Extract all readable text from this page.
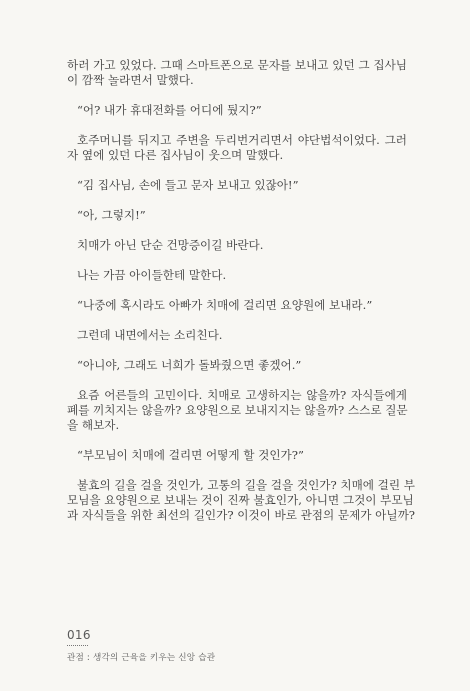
하러 가고 있었다. 그때 스마트폰으로 문자를 보내고 있던 그 집사님
이 깜짝 놀라면서 말했다.
“어? 내가 휴대전화를 어디에 뒀지?”
호주머니를 뒤지고 주변을 두리번거리면서 야단법석이었다. 그러
자 옆에 있던 다른 집사님이 웃으며 말했다.
“김 집사님, 손에 들고 문자 보내고 있잖아!”
“아, 그렇지!”
치매가 아닌 단순 건망증이길 바란다.
나는 가끔 아이들한테 말한다.
“나중에 혹시라도 아빠가 치매에 걸리면 요양원에 보내라.”
그런데 내면에서는 소리친다.
“아니야, 그래도 너희가 돌봐줬으면 좋겠어.”
요즘 어른들의 고민이다. 치매로 고생하지는 않을까? 자식들에게
폐를 끼치지는 않을까? 요양원으로 보내지지는 않을까? 스스로 질문
을 해보자.
“부모님이 치매에 걸리면 어떻게 할 것인가?”
불효의 길을 걸을 것인가, 고통의 길을 걸을 것인가? 치매에 걸린 부
모님을 요양원으로 보내는 것이 진짜 불효인가, 아니면 그것이 부모님
과 자식들을 위한 최선의 길인가? 이것이 바로 관점의 문제가 아닐까?
016
관점 : 생각의 근육을 키우는 신앙 습관
